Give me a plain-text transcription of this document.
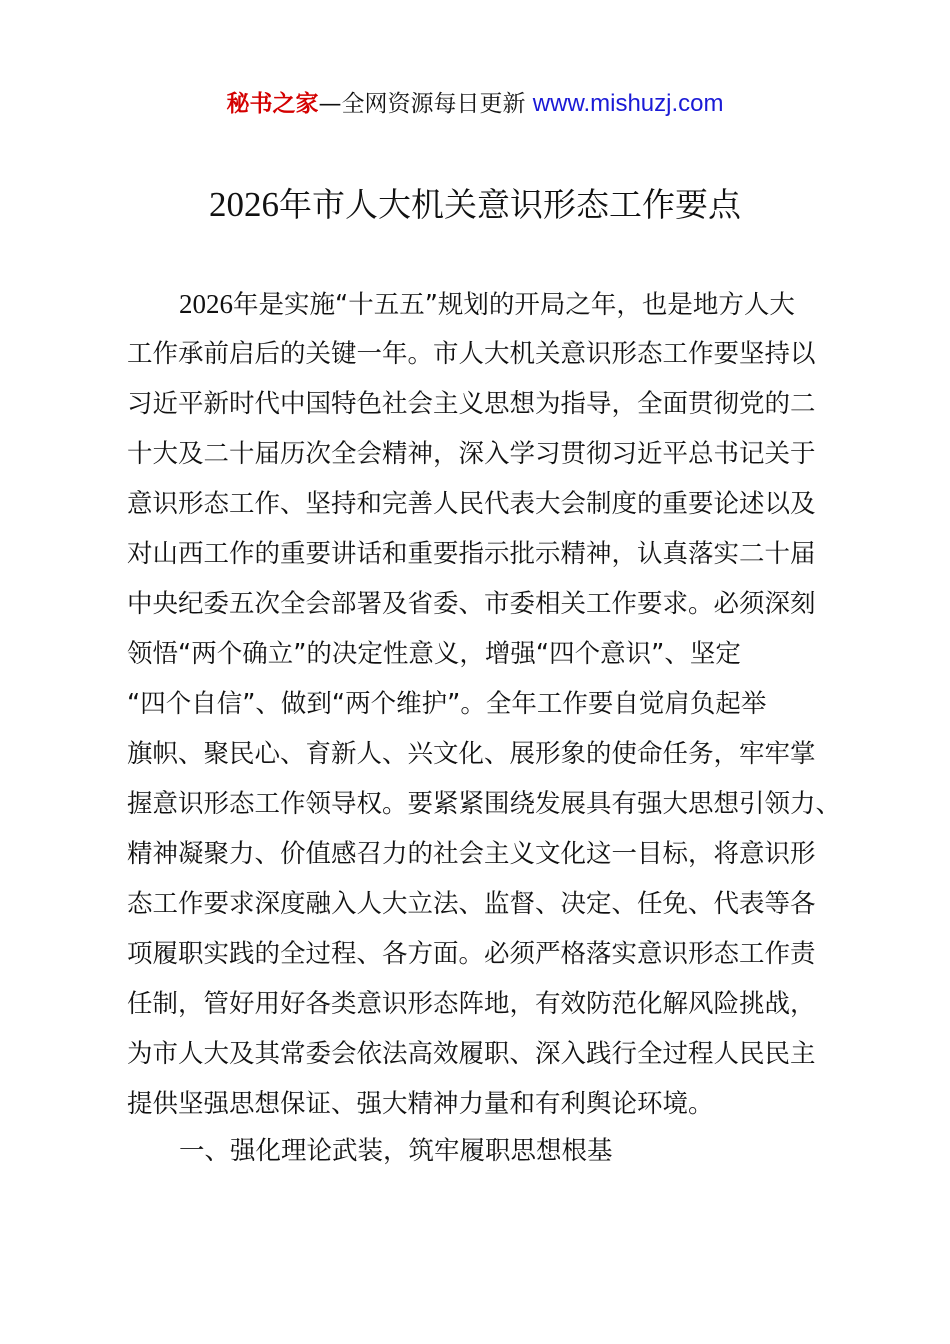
秘书之家—全网资源每日更新 www.mishuzj.com
2026年市人大机关意识形态工作要点
2026年是实施“十五五”规划的开局之年，也是地方人大
工作承前启后的关键一年。市人大机关意识形态工作要坚持以
习近平新时代中国特色社会主义思想为指导，全面贯彻党的二
十大及二十届历次全会精神，深入学习贯彻习近平总书记关于
意识形态工作、坚持和完善人民代表大会制度的重要论述以及
对山西工作的重要讲话和重要指示批示精神，认真落实二十届
中央纪委五次全会部署及省委、市委相关工作要求。必须深刻
领悟“两个确立”的决定性意义，增强“四个意识”、坚定
“四个自信”、做到“两个维护”。全年工作要自觉肩负起举
旗帜、聚民心、育新人、兴文化、展形象的使命任务，牢牢掌
握意识形态工作领导权。要紧紧围绕发展具有强大思想引领力、
精神凝聚力、价值感召力的社会主义文化这一目标，将意识形
态工作要求深度融入人大立法、监督、决定、任免、代表等各
项履职实践的全过程、各方面。必须严格落实意识形态工作责
任制，管好用好各类意识形态阵地，有效防范化解风险挑战，
为市人大及其常委会依法高效履职、深入践行全过程人民民主
提供坚强思想保证、强大精神力量和有利舆论环境。
一、强化理论武装，筑牢履职思想根基
